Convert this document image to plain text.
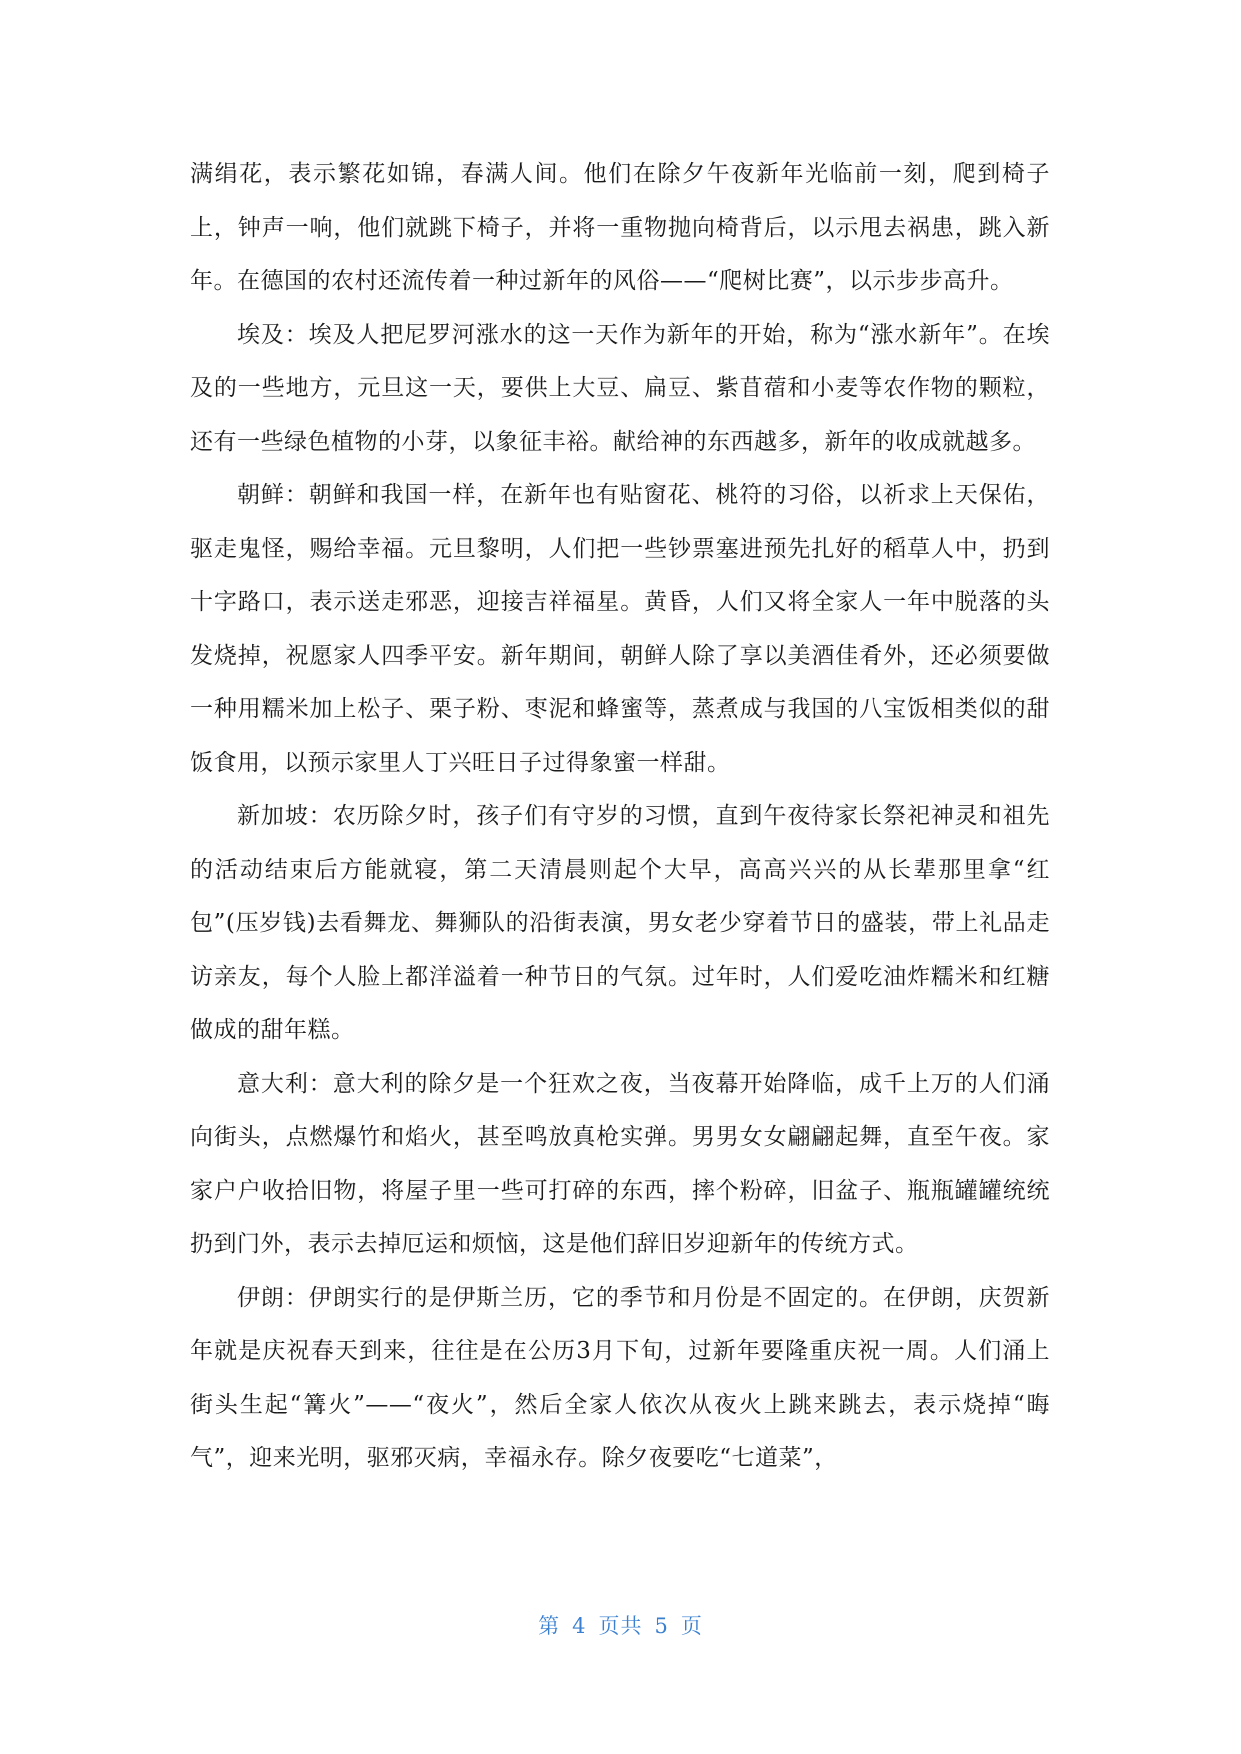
满绢花，表示繁花如锦，春满人间。他们在除夕午夜新年光临前一刻，爬到椅子上，钟声一响，他们就跳下椅子，并将一重物抛向椅背后，以示甩去祸患，跳入新年。在德国的农村还流传着一种过新年的风俗——“爬树比赛”，以示步步高升。

埃及：埃及人把尼罗河涨水的这一天作为新年的开始，称为“涨水新年”。在埃及的一些地方，元旦这一天，要供上大豆、扁豆、紫苜蓿和小麦等农作物的颗粒，还有一些绿色植物的小芽，以象征丰裕。献给神的东西越多，新年的收成就越多。

朝鲜：朝鲜和我国一样，在新年也有贴窗花、桃符的习俗，以祈求上天保佑，驱走鬼怪，赐给幸福。元旦黎明，人们把一些钞票塞进预先扎好的稻草人中，扔到十字路口，表示送走邪恶，迎接吉祥福星。黄昏，人们又将全家人一年中脱落的头发烧掉，祝愿家人四季平安。新年期间，朝鲜人除了享以美酒佳肴外，还必须要做一种用糯米加上松子、栗子粉、枣泥和蜂蜜等，蒸煮成与我国的八宝饭相类似的甜饭食用，以预示家里人丁兴旺日子过得象蜜一样甜。

新加坡：农历除夕时，孩子们有守岁的习惯，直到午夜待家长祭祀神灵和祖先的活动结束后方能就寝，第二天清晨则起个大早，高高兴兴的从长辈那里拿“红包”(压岁钱)去看舞龙、舞狮队的沿街表演，男女老少穿着节日的盛装，带上礼品走访亲友，每个人脸上都洋溢着一种节日的气氛。过年时，人们爱吃油炸糯米和红糖做成的甜年糕。

意大利：意大利的除夕是一个狂欢之夜，当夜幕开始降临，成千上万的人们涌向街头，点燃爆竹和焰火，甚至鸣放真枪实弹。男男女女翩翩起舞，直至午夜。家家户户收拾旧物，将屋子里一些可打碎的东西，摔个粉碎，旧盆子、瓶瓶罐罐统统扔到门外，表示去掉厄运和烦恼，这是他们辞旧岁迎新年的传统方式。

伊朗：伊朗实行的是伊斯兰历，它的季节和月份是不固定的。在伊朗，庆贺新年就是庆祝春天到来，往往是在公历3月下旬，过新年要隆重庆祝一周。人们涌上街头生起“篝火”——“夜火”，然后全家人依次从夜火上跳来跳去，表示烧掉“晦气”，迎来光明，驱邪灭病，幸福永存。除夕夜要吃“七道菜”，

第 4 页共 5 页
